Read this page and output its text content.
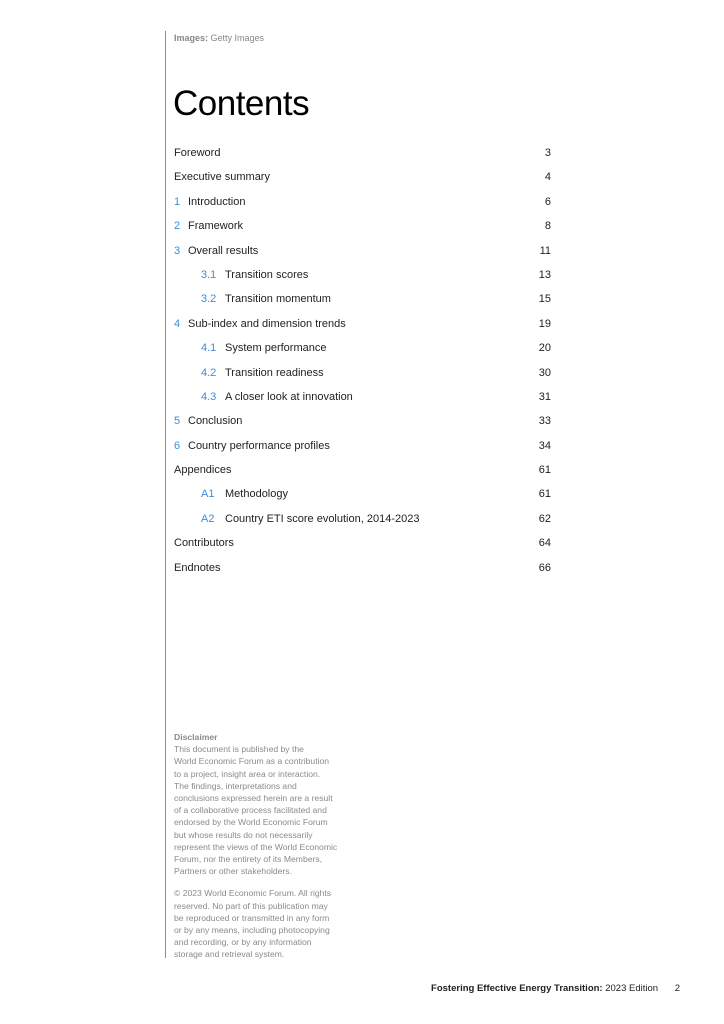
Images: Getty Images
Contents
Foreword	3
Executive summary	4
1 Introduction	6
2 Framework	8
3 Overall results	11
3.1 Transition scores	13
3.2 Transition momentum	15
4 Sub-index and dimension trends	19
4.1 System performance	20
4.2 Transition readiness	30
4.3 A closer look at innovation	31
5 Conclusion	33
6 Country performance profiles	34
Appendices	61
A1 Methodology	61
A2 Country ETI score evolution, 2014-2023	62
Contributors	64
Endnotes	66

Disclaimer

This document is published by the

World Economic Forum as a contribution

to a project, insight area or interaction.

The findings, interpretations and

conclusions expressed herein are a result

of a collaborative process facilitated and

endorsed by the World Economic Forum

but whose results do not necessarily

represent the views of the World Economic

Forum, nor the entirety of its Members,

Partners or other stakeholders.

© 2023 World Economic Forum. All rights

reserved. No part of this publication may

be reproduced or transmitted in any form

or by any means, including photocopying

and recording, or by any information

storage and retrieval system.

Fostering Effective Energy Transition: 2023 Edition 2
